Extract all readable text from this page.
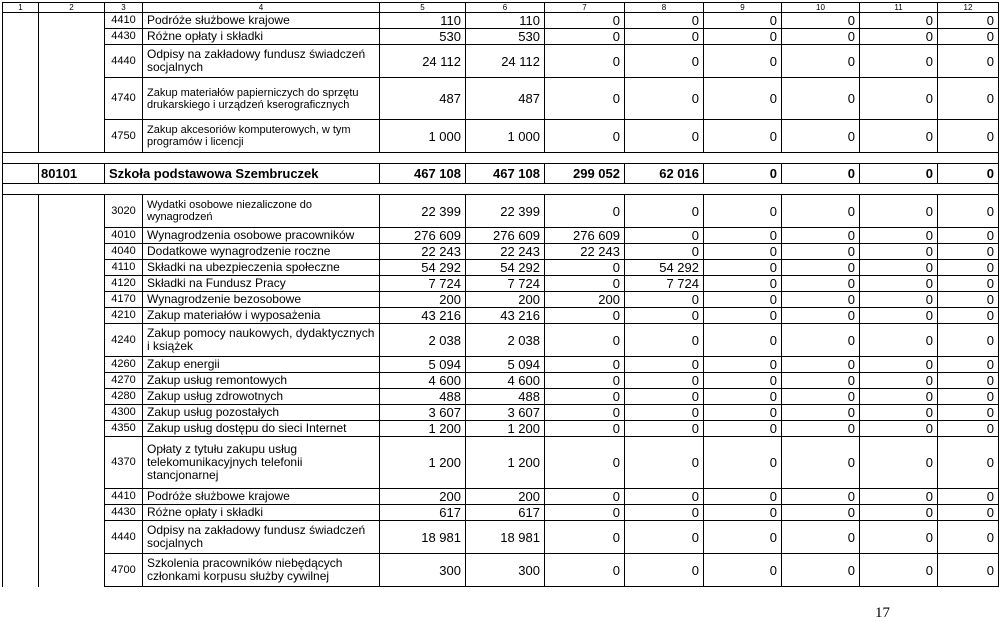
1	2	3	4	5	6	7	8	9	10	11	12
		4410	Podróże służbowe krajowe	110	110	0	0	0	0	0	0
		4430	Różne opłaty i składki	530	530	0	0	0	0	0	0
		4440	Odpisy na zakładowy fundusz świadczeń socjalnych	24 112	24 112	0	0	0	0	0	0
		4740	Zakup materiałów papierniczych do sprzętu drukarskiego i urządzeń kserograficznych	487	487	0	0	0	0	0	0
		4750	Zakup akcesoriów komputerowych, w tym programów i licencji	1 000	1 000	0	0	0	0	0	0

	80101	Szkoła podstawowa Szembruczek		467 108	467 108	299 052	62 016	0	0	0	0

		3020	Wydatki osobowe niezaliczone do wynagrodzeń	22 399	22 399	0	0	0	0	0	0
		4010	Wynagrodzenia osobowe pracowników	276 609	276 609	276 609	0	0	0	0	0
		4040	Dodatkowe wynagrodzenie roczne	22 243	22 243	22 243	0	0	0	0	0
		4110	Składki na ubezpieczenia społeczne	54 292	54 292	0	54 292	0	0	0	0
		4120	Składki na Fundusz Pracy	7 724	7 724	0	7 724	0	0	0	0
		4170	Wynagrodzenie bezosobowe	200	200	200	0	0	0	0	0
		4210	Zakup materiałów i wyposażenia	43 216	43 216	0	0	0	0	0	0
		4240	Zakup pomocy naukowych, dydaktycznych i książek	2 038	2 038	0	0	0	0	0	0
		4260	Zakup energii	5 094	5 094	0	0	0	0	0	0
		4270	Zakup usług remontowych	4 600	4 600	0	0	0	0	0	0
		4280	Zakup usług zdrowotnych	488	488	0	0	0	0	0	0
		4300	Zakup usług pozostałych	3 607	3 607	0	0	0	0	0	0
		4350	Zakup usług dostępu do sieci Internet	1 200	1 200	0	0	0	0	0	0
		4370	Opłaty z tytułu zakupu usług telekomunikacyjnych telefonii stancjonarnej	1 200	1 200	0	0	0	0	0	0
		4410	Podróże służbowe krajowe	200	200	0	0	0	0	0	0
		4430	Różne opłaty i składki	617	617	0	0	0	0	0	0
		4440	Odpisy na zakładowy fundusz świadczeń socjalnych	18 981	18 981	0	0	0	0	0	0
		4700	Szkolenia pracowników niebędących członkami korpusu służby cywilnej	300	300	0	0	0	0	0	0
17
